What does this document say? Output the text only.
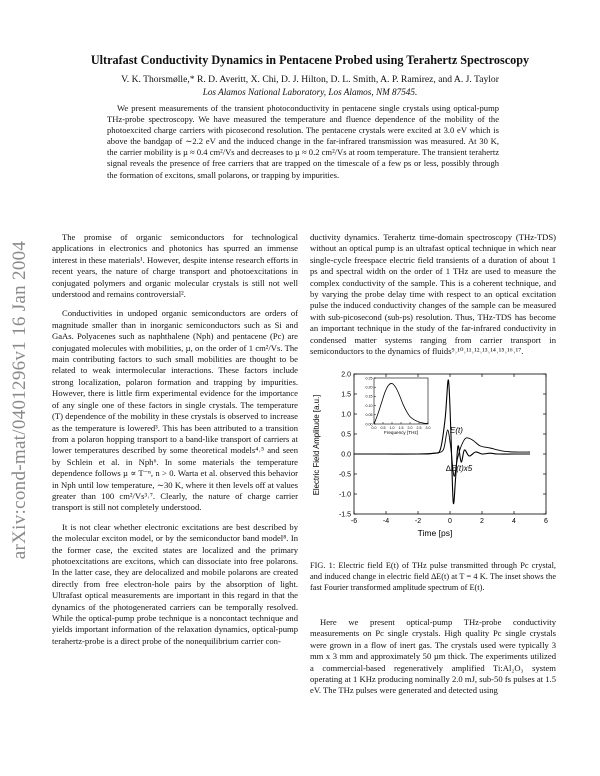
arXiv:cond-mat/0401296v1 16 Jan 2004
Ultrafast Conductivity Dynamics in Pentacene Probed using Terahertz Spectroscopy

V. K. Thorsmølle,* R. D. Averitt, X. Chi, D. J. Hilton, D. L. Smith, A. P. Ramirez, and A. J. Taylor

Los Alamos National Laboratory, Los Alamos, NM 87545.

We present measurements of the transient photoconductivity in pentacene single crystals using optical-pump THz-probe spectroscopy. We have measured the temperature and fluence dependence of the mobility of the photoexcited charge carriers with picosecond resolution. The pentacene crystals were excited at 3.0 eV which is above the bandgap of ∼2.2 eV and the induced change in the far-infrared transmission was measured. At 30 K, the carrier mobility is µ ≈ 0.4 cm²/Vs and decreases to µ ≈ 0.2 cm²/Vs at room temperature. The transient terahertz signal reveals the presence of free carriers that are trapped on the timescale of a few ps or less, possibly through the formation of excitons, small polarons, or trapping by impurities.

The promise of organic semiconductors for technological applications in electronics and photonics has spurred an immense interest in these materials¹. However, despite intense research efforts in recent years, the nature of charge transport and photoexcitations in conjugated polymers and organic molecular crystals is still not well understood and remains controversial².

Conductivities in undoped organic semiconductors are orders of magnitude smaller than in inorganic semiconductors such as Si and GaAs. Polyacenes such as naphthalene (Nph) and pentacene (Pc) are conjugated molecules with mobilities, µ, on the order of 1 cm²/Vs. The main contributing factors to such small mobilities are thought to be related to weak intermolecular interactions. These factors include strong localization, polaron formation and trapping by impurities. However, there is little firm experimental evidence for the importance of any single one of these factors in single crystals. The temperature (T) dependence of the mobility in these crystals is observed to increase as the temperature is lowered³. This has been attributed to a transition from a polaron hopping transport to a band-like transport of carriers at lower temperatures described by some theoretical models⁴˒⁵ and seen by Schlein et al. in Nph⁶. In some materials the temperature dependence follows µ ∝ T⁻ⁿ, n > 0. Warta et al. observed this behavior in Nph until low temperature, ∼30 K, where it then levels off at values greater than 100 cm²/Vs³˒⁷. Clearly, the nature of charge carrier transport is still not completely understood.

It is not clear whether electronic excitations are best described by the molecular exciton model, or by the semiconductor band model⁸. In the former case, the excited states are localized and the primary photoexcitations are excitons, which can dissociate into free polarons. In the latter case, they are delocalized and mobile polarons are created directly from free electron-hole pairs by the absorption of light. Ultrafast optical measurements are important in this regard in that the dynamics of the photogenerated carriers can be temporally resolved. While the optical-pump probe technique is a noncontact technique and yields important information of the relaxation dynamics, optical-pump terahertz-probe is a direct probe of the nonequilibrium carrier con-

ductivity dynamics. Terahertz time-domain spectroscopy (THz-TDS) without an optical pump is an ultrafast optical technique in which near single-cycle freespace electric field transients of a duration of about 1 ps and spectral width on the order of 1 THz are used to measure the complex conductivity of the sample. This is a coherent technique, and by varying the probe delay time with respect to an optical excitation pulse the induced conductivity changes of the sample can be measured with sub-picosecond (sub-ps) resolution. Thus, THz-TDS has become an important technique in the study of the far-infrared conductivity in condensed matter systems ranging from carrier transport in semiconductors to the dynamics of fluids⁹˒¹⁰˒¹¹˒¹²˒¹³˒¹⁴˒¹⁵˒¹⁶˒¹⁷.

-6	-4	-2	0	2	4	6
-1.5
-1.0
-0.5
0.0
0.5
1.0
1.5
2.0
0.0 0.5 1.0 1.5 2.0 2.5 3.0
0.00
0.05
0.10
0.15
0.20
0.25
Frequency [THz]
Time [ps]
Electric Field Amplitude [a.u.]	E(t)
∆E(t)x5

FIG. 1: Electric field E(t) of THz pulse transmitted through Pc crystal, and induced change in electric field ∆E(t) at T = 4 K. The inset shows the fast Fourier transformed amplitude spectrum of E(t).

Here we present optical-pump THz-probe conductivity measurements on Pc single crystals. High quality Pc single crystals were grown in a flow of inert gas. The crystals used were typically 3 mm x 3 mm and approximately 50 µm thick. The experiments utilized a commercial-based regeneratively amplified Ti:Al₂O₃ system operating at 1 KHz producing nominally 2.0 mJ, sub-50 fs pulses at 1.5 eV. The THz pulses were generated and detected using
